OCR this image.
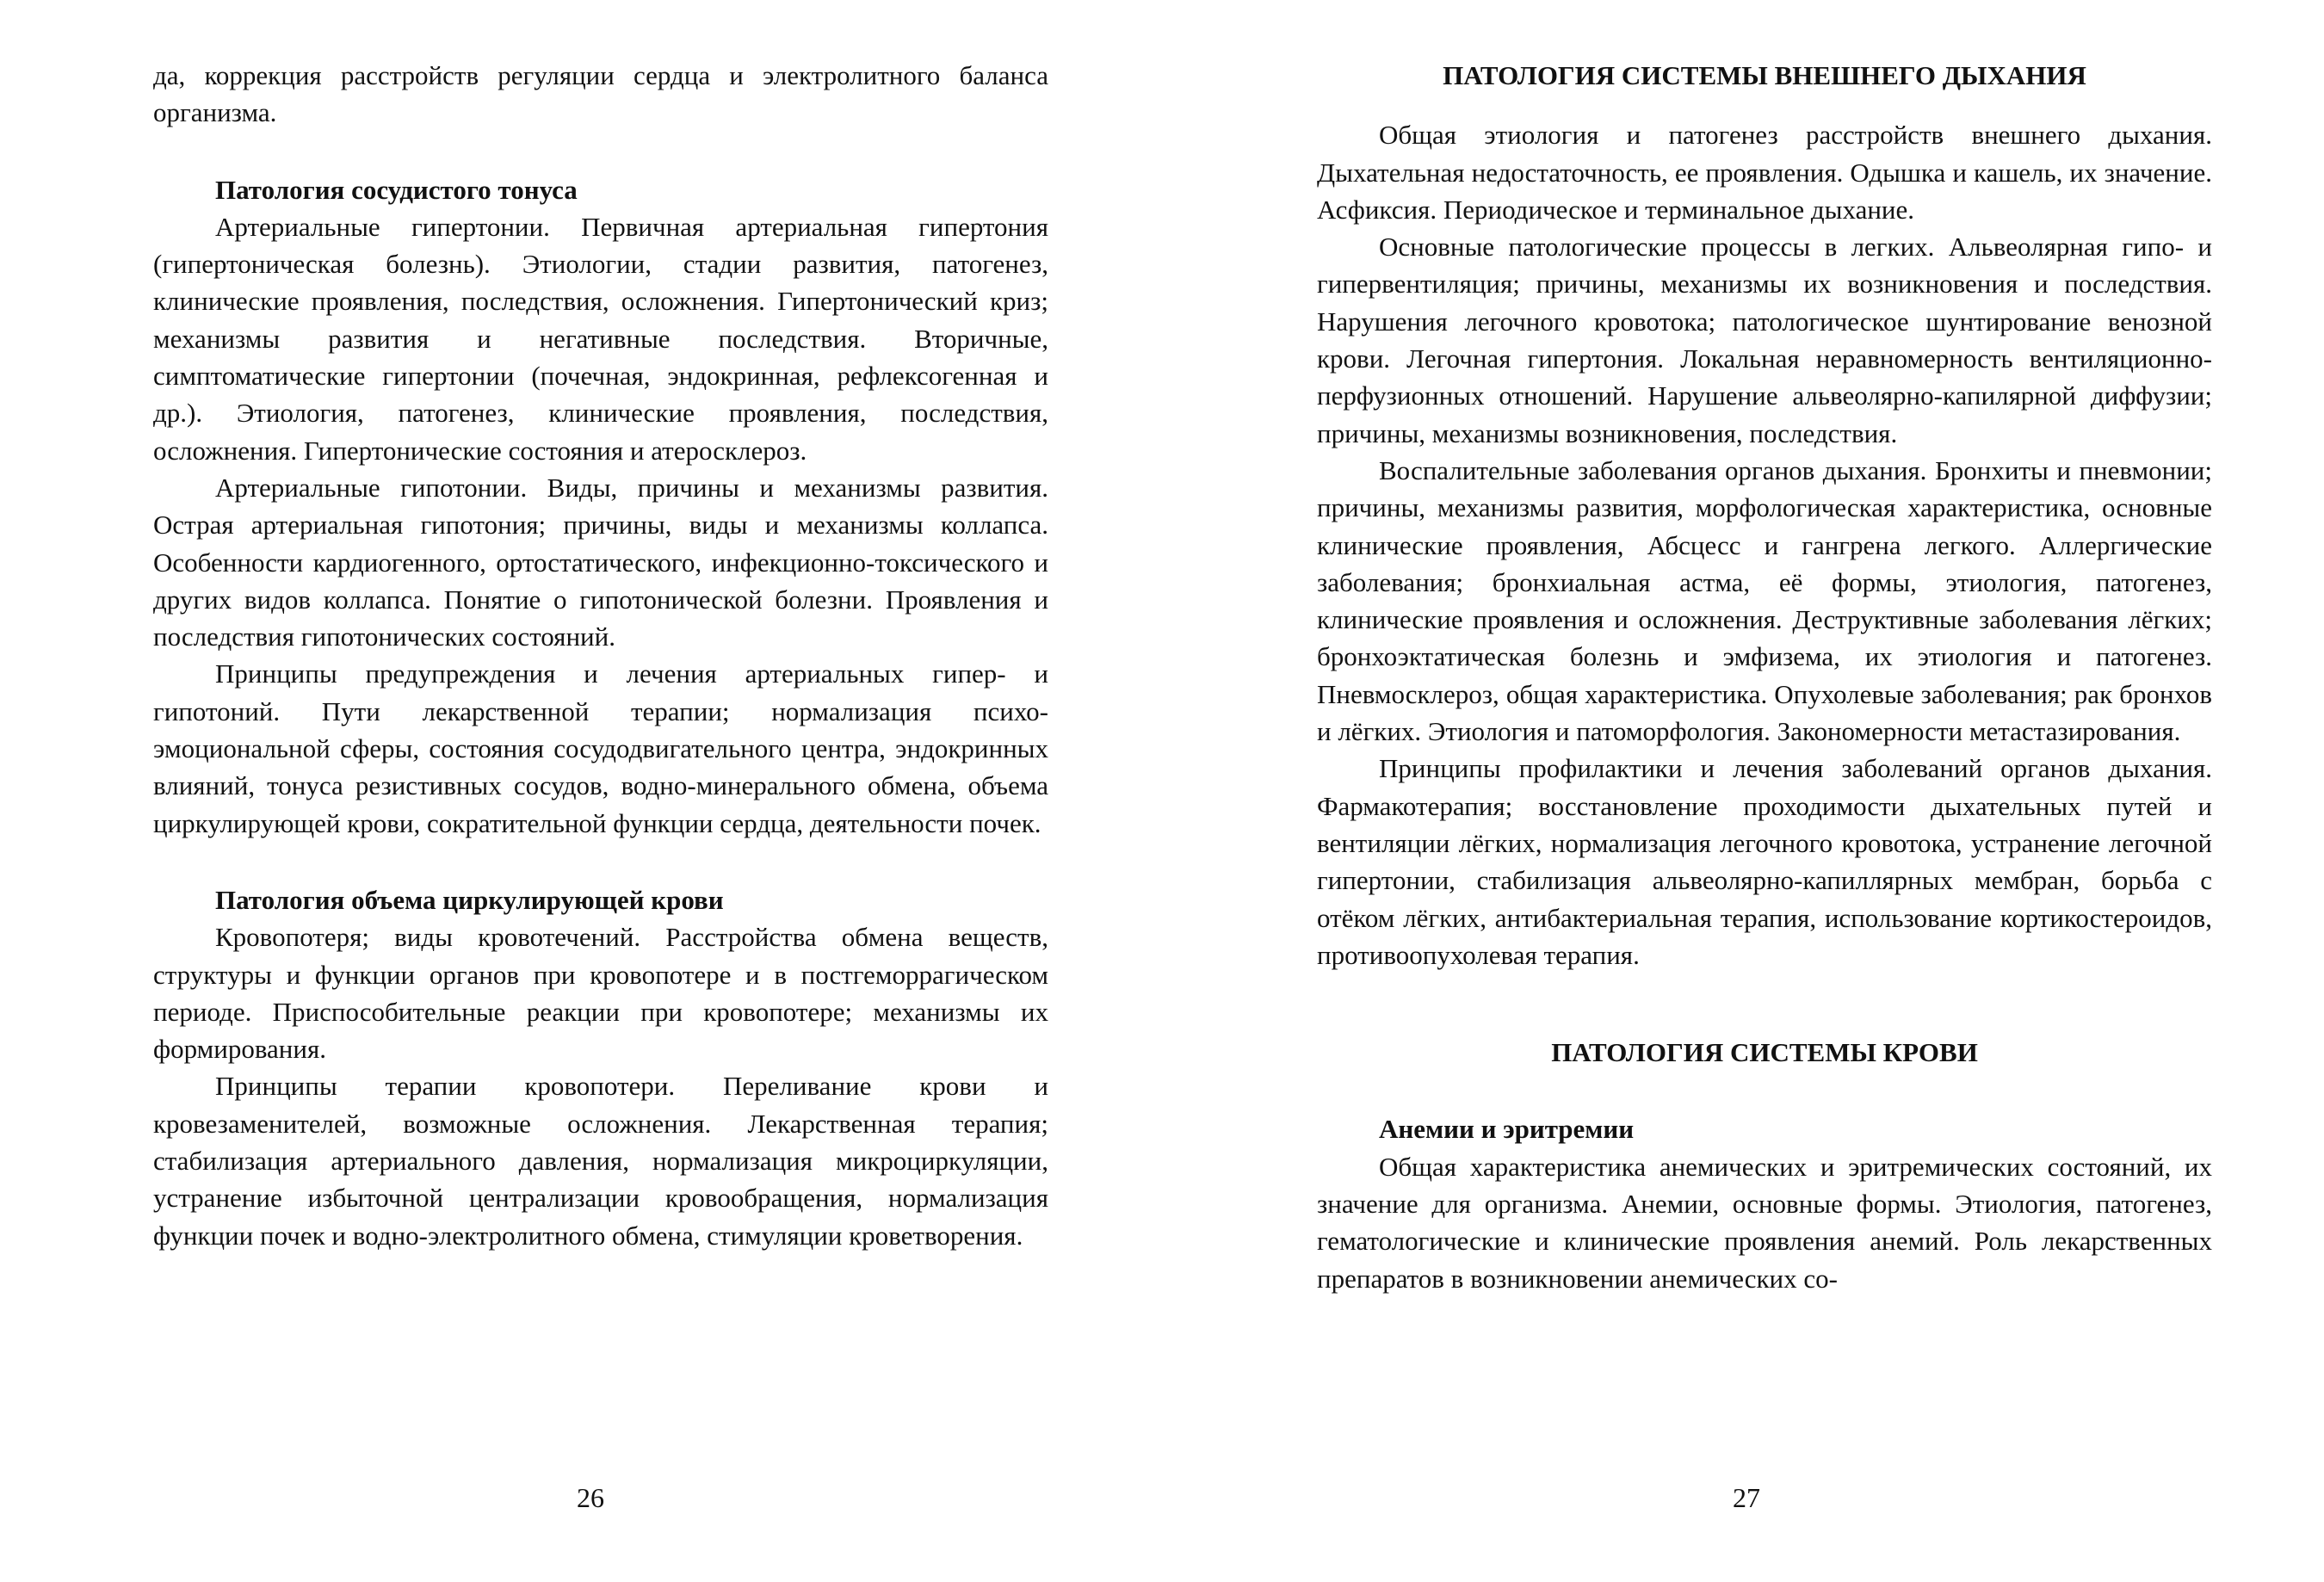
да, коррекция расстройств регуляции сердца и электролитного баланса организма.

Патология сосудистого тонуса

Артериальные гипертонии. Первичная артериальная гипертония (гипертоническая болезнь). Этиологии, стадии развития, патогенез, клинические проявления, последствия, осложнения. Гипертонический криз; механизмы развития и негативные последствия. Вторичные, симптоматические гипертонии (почечная, эндокринная, рефлексогенная и др.). Этиология, патогенез, клинические проявления, последствия, осложнения. Гипертонические состояния и атеросклероз.

Артериальные гипотонии. Виды, причины и механизмы развития. Острая артериальная гипотония; причины, виды и механизмы коллапса. Особенности кардиогенного, ортостатического, инфекционно-токсического и других видов коллапса. Понятие о гипотонической болезни. Проявления и последствия гипотонических состояний.

Принципы предупреждения и лечения артериальных гипер- и гипотоний. Пути лекарственной терапии; нормализация психо-эмоциональной сферы, состояния сосудодвигательного центра, эндокринных влияний, тонуса резистивных сосудов, водно-минерального обмена, объема циркулирующей крови, сократительной функции сердца, деятельности почек.

Патология объема циркулирующей крови

Кровопотеря; виды кровотечений. Расстройства обмена веществ, структуры и функции органов при кровопотере и в постгеморрагическом периоде. Приспособительные реакции при кровопотере; механизмы их формирования.

Принципы терапии кровопотери. Переливание крови и кровезаменителей, возможные осложнения. Лекарственная терапия; стабилизация артериального давления, нормализация микроциркуляции, устранение избыточной централизации кровообращения, нормализация функции почек и водно-электролитного обмена, стимуляции кроветворения.

26
ПАТОЛОГИЯ СИСТЕМЫ ВНЕШНЕГО ДЫХАНИЯ

Общая этиология и патогенез расстройств внешнего дыхания. Дыхательная недостаточность, ее проявления. Одышка и кашель, их значение. Асфиксия. Периодическое и терминальное дыхание.

Основные патологические процессы в легких. Альвеолярная гипо- и гипервентиляция; причины, механизмы их возникновения и последствия. Нарушения легочного кровотока; патологическое шунтирование венозной крови. Легочная гипертония. Локальная неравномерность вентиляционно-перфузионных отношений. Нарушение альвеолярно-капилярной диффузии; причины, механизмы возникновения, последствия.

Воспалительные заболевания органов дыхания. Бронхиты и пневмонии; причины, механизмы развития, морфологическая характеристика, основные клинические проявления, Абсцесс и гангрена легкого. Аллергические заболевания; бронхиальная астма, её формы, этиология, патогенез, клинические проявления и осложнения. Деструктивные заболевания лёгких; бронхоэктатическая болезнь и эмфизема, их этиология и патогенез. Пневмосклероз, общая характеристика. Опухолевые заболевания; рак бронхов и лёгких. Этиология и патоморфология. Закономерности метастазирования.

Принципы профилактики и лечения заболеваний органов дыхания. Фармакотерапия; восстановление проходимости дыхательных путей и вентиляции лёгких, нормализация легочного кровотока, устранение легочной гипертонии, стабилизация альвеолярно-капиллярных мембран, борьба с отёком лёгких, антибактериальная терапия, использование кортикостероидов, противоопухолевая терапия.

ПАТОЛОГИЯ СИСТЕМЫ КРОВИ
Анемии и эритремии

Общая характеристика анемических и эритремических состояний, их значение для организма. Анемии, основные формы. Этиология, патогенез, гематологические и клинические проявления анемий. Роль лекарственных препаратов в возникновении анемических со-

27
